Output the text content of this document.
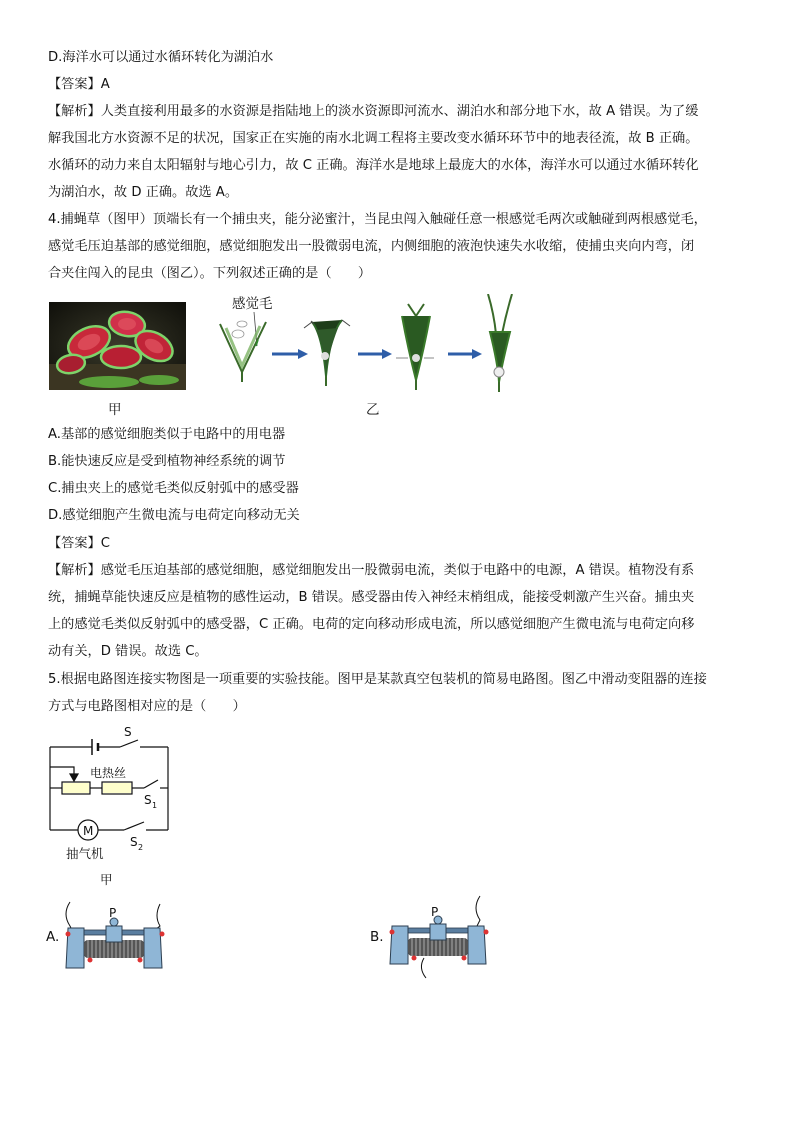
D.海洋水可以通过水循环转化为湖泊水
【答案】A
【解析】人类直接利用最多的水资源是指陆地上的淡水资源即河流水、湖泊水和部分地下水，故 A 错误。为了缓
解我国北方水资源不足的状况，国家正在实施的南水北调工程将主要改变水循环环节中的地表径流，故 B 正确。
水循环的动力来自太阳辐射与地心引力，故 C 正确。海洋水是地球上最庞大的水体，海洋水可以通过水循环转化
为湖泊水，故 D 正确。故选 A。
4.捕蝇草（图甲）顶端长有一个捕虫夹，能分泌蜜汁，当昆虫闯入触碰任意一根感觉毛两次或触碰到两根感觉毛，
感觉毛压迫基部的感觉细胞，感觉细胞发出一股微弱电流，内侧细胞的液泡快速失水收缩，使捕虫夹向内弯，闭
合夹住闯入的昆虫（图乙）。下列叙述正确的是（　　）
甲
感觉毛
乙
A.基部的感觉细胞类似于电路中的用电器
B.能快速反应是受到植物神经系统的调节
C.捕虫夹上的感觉毛类似反射弧中的感受器
D.感觉细胞产生微电流与电荷定向移动无关
【答案】C
【解析】感觉毛压迫基部的感觉细胞，感觉细胞发出一股微弱电流，类似于电路中的电源，A 错误。植物没有系
统，捕蝇草能快速反应是植物的感性运动，B 错误。感受器由传入神经末梢组成，能接受刺激产生兴奋。捕虫夹
上的感觉毛类似反射弧中的感受器，C 正确。电荷的定向移动形成电流，所以感觉细胞产生微电流与电荷定向移
动有关，D 错误。故选 C。
5.根据电路图连接实物图是一项重要的实验技能。图甲是某款真空包装机的简易电路图。图乙中滑动变阻器的连接
方式与电路图相对应的是（　　）
S
电热丝
S 1
M
S 2
抽气机
甲
A.
P
B.
P
